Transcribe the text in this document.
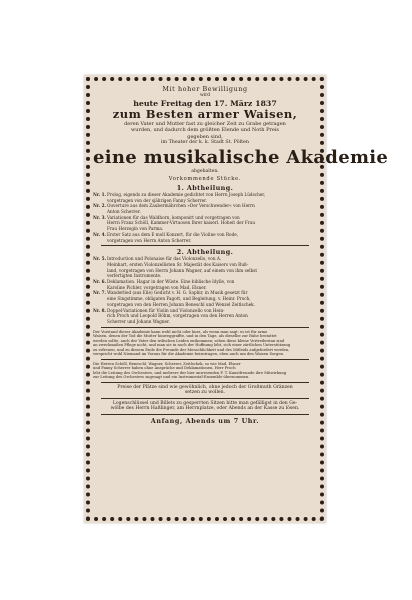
Mit hoher Bewilligung
wird
heute Freitag den 17. März 1837
zum Besten armer Waisen,
deren Vater und Mutter fast zu gleicher Zeit zu Grabe getragen
wurden, und dadurch dem größten Elende und Noth Preis
gegeben sind,
im Theater der k. k. Stadt St. Pölten
eine musikalische Akademie
abgehalten.
Vorkommende Stücke.
1. Abtheilung.
Nr. 1. Prolog, eigends zu dieser Akademie gedichtet von Herrn Joseph Lüdscher,
vorgetragen von der sjährigen Fanny Scherrer.
Nr. 2. Ouverture aus dem Zaubermährchen »Der Verschwender« von Herrn
Anton Scherrer.
Nr. 3. Variationen für das Waldhorn, komponirt und vorgetragen von
Herrn Franz Schöll, Kammer-Virtuosen Ihrer kaiserl. Hoheit der Frau
Frau Herzogin von Parma.
Nr. 4. Erster Satz aus dem E moll Konzert, für die Violine von Rode,
vorgetragen von Herrn Anton Scherrer.
2. Abtheilung.
Nr. 5. Introduction und Polonaise für das Violonzello, von A.
Meinhart, ersten Violonzellisten Sr. Majestät des Kaisers von Ruß-
land, vorgetragen von Herrn Johann Wagner, auf einem von ihm selbst
verfertigten Instrumente.
Nr. 6. Deklamation. Hagar in der Wüste. Eine biblische Idylle, von
Karoline Pichler, vorgetragen von Mad. Elsner.
Nr. 7. Wanderlied (aus Eile) Gedicht v. H. G. Saphir, in Musik gesetzt für
eine Singstimme, obligaten Fagott, und Begleitung, v. Heinr. Proch,
vorgetragen von den Herren Johann Beneschl und Wenzel Zeitlschek.
Nr. 8. Doppel-Variationen für Violin und Violonzello von Hein-
rich Proch und Leopold Böhm, vorgetragen von den Herren Anton
Scherrer und Johann Wagner.
Der Vorstand dieser Akademie kann wohl nicht oder kurz, als wenn man sagt: es ist für arme
Waisen, denen der Tod die Mutter hinweggraffte, und in den Tage, als dieselbe zur Ruhe bestattet
werden sollte, auch der Vater den irdischen Leiden entkommen; sehen diese kleine Vertreiberinn sind
an zweckmaßen Pflege nicht, und man sie in noch der Hoffnung lebt, sich einer zärtlichen Unterstützung
zu erfreuen, und zu diesem Ende die Freunde der Menschlichkeit und des Mitleids aufgefordert werden,
verspricht wohl Niemand im Voraus für die Akademie beizutragen, eben auch um den Waisen Sorgen.
Die Herren Schöll, Beneschl, Wagner, Scherrer, Zeitlschek, so wie Mad. Elsner
und Fanny Scherrer haben ohne Ansprüche und Deklamationen, Herr Proch
lebt die Leitung des Orchesters, und mehrere der hier anwesenden F. T. Kunstfreunde ihre Mitwirkung
zur Leitung des Orchesters zugesagt und ein Instrumental-Ensemble übernommen.
Preise der Plätze sind wie gewöhnlich, ohne jedoch der Großmuth Gränzen
setzen zu wollen.
Logenschlüssel und Billets zu gesperrten Sitzen bitte man gefälligst in den Ge-
wölbe des Herrn Haßlinger, am Herrnplatze, oder Abends an der Kasse zu lösen.
Anfang, Abends um 7 Uhr.
